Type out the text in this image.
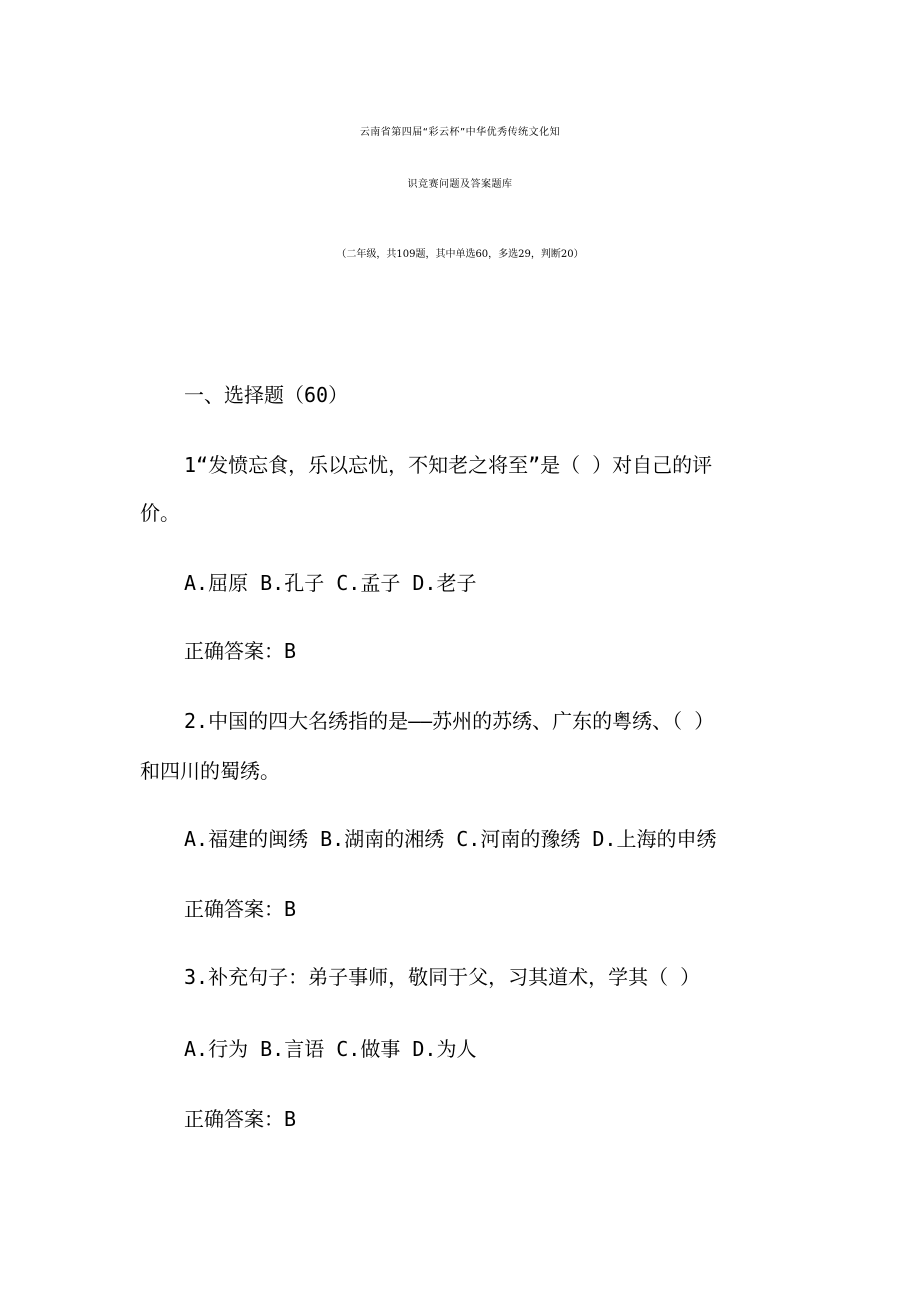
云南省第四届“彩云杯”中华优秀传统文化知
识竞赛问题及答案题库
（二年级，共109题，其中单选60，多选29，判断20）
一、选择题（60）
1“发愤忘食，乐以忘忧，不知老之将至”是（ ）对自己的评
价。
A.屈原 B.孔子 C.孟子 D.老子
正确答案：B
2.中国的四大名绣指的是——苏州的苏绣、广东的粤绣、（ ）
和四川的蜀绣。
A.福建的闽绣 B.湖南的湘绣 C.河南的豫绣 D.上海的申绣
正确答案：B
3.补充句子：弟子事师，敬同于父，习其道术，学其（ ）
A.行为 B.言语 C.做事 D.为人
正确答案：B
